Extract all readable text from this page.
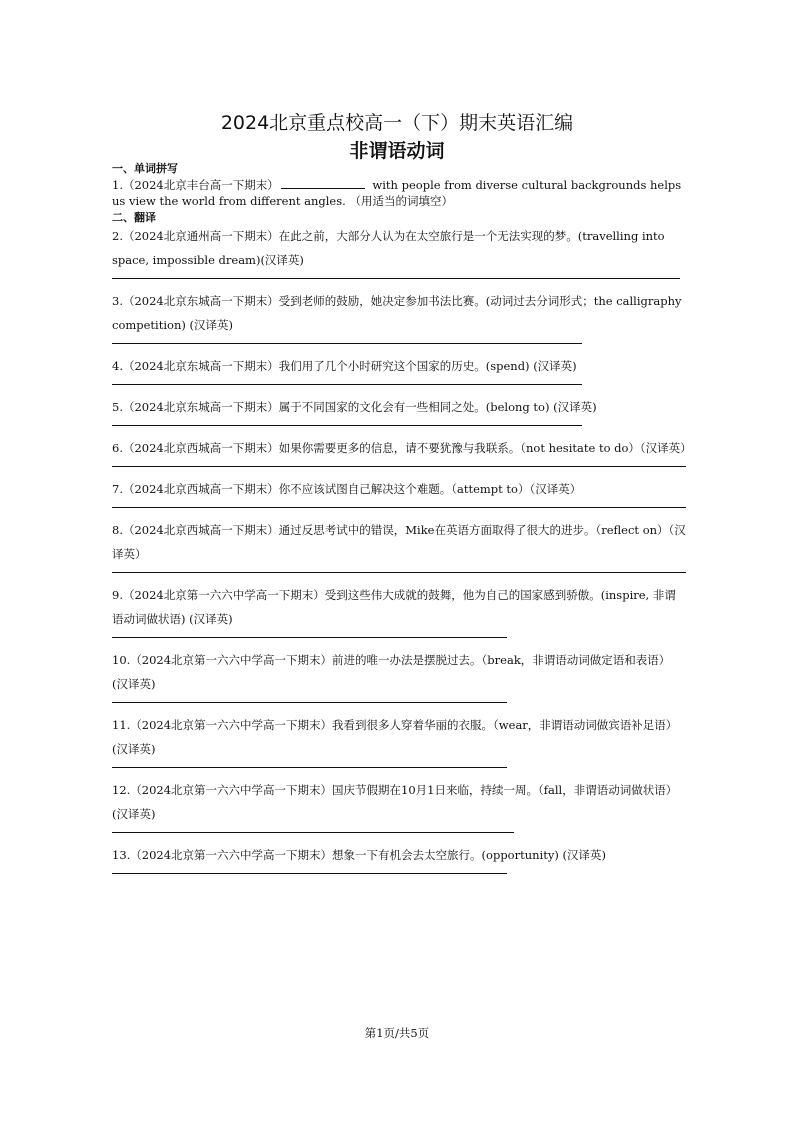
2024北京重点校高一（下）期末英语汇编
非谓语动词
一、单词拼写
1.（2024北京丰台高一下期末）	with people from diverse cultural backgrounds helps us view the world from different angles. （用适当的词填空）
二、翻译
2.（2024北京通州高一下期末）在此之前，大部分人认为在太空旅行是一个无法实现的梦。(travelling into space, impossible dream)(汉译英)
3.（2024北京东城高一下期末）受到老师的鼓励，她决定参加书法比赛。(动词过去分词形式；the calligraphy competition) (汉译英)
4.（2024北京东城高一下期末）我们用了几个小时研究这个国家的历史。(spend) (汉译英)
5.（2024北京东城高一下期末）属于不同国家的文化会有一些相同之处。(belong to) (汉译英)
6.（2024北京西城高一下期末）如果你需要更多的信息，请不要犹豫与我联系。（not hesitate to do）（汉译英）
7.（2024北京西城高一下期末）你不应该试图自己解决这个难题。（attempt to）（汉译英）
8.（2024北京西城高一下期末）通过反思考试中的错误，Mike在英语方面取得了很大的进步。（reflect on）（汉译英）
9.（2024北京第一六六中学高一下期末）受到这些伟大成就的鼓舞，他为自己的国家感到骄傲。(inspire, 非谓语动词做状语) (汉译英)
10.（2024北京第一六六中学高一下期末）前进的唯一办法是摆脱过去。（break，非谓语动词做定语和表语）(汉译英)
11.（2024北京第一六六中学高一下期末）我看到很多人穿着华丽的衣服。（wear，非谓语动词做宾语补足语）(汉译英)
12.（2024北京第一六六中学高一下期末）国庆节假期在10月1日来临，持续一周。（fall，非谓语动词做状语）(汉译英)
13.（2024北京第一六六中学高一下期末）想象一下有机会去太空旅行。(opportunity) (汉译英)
第1页/共5页
